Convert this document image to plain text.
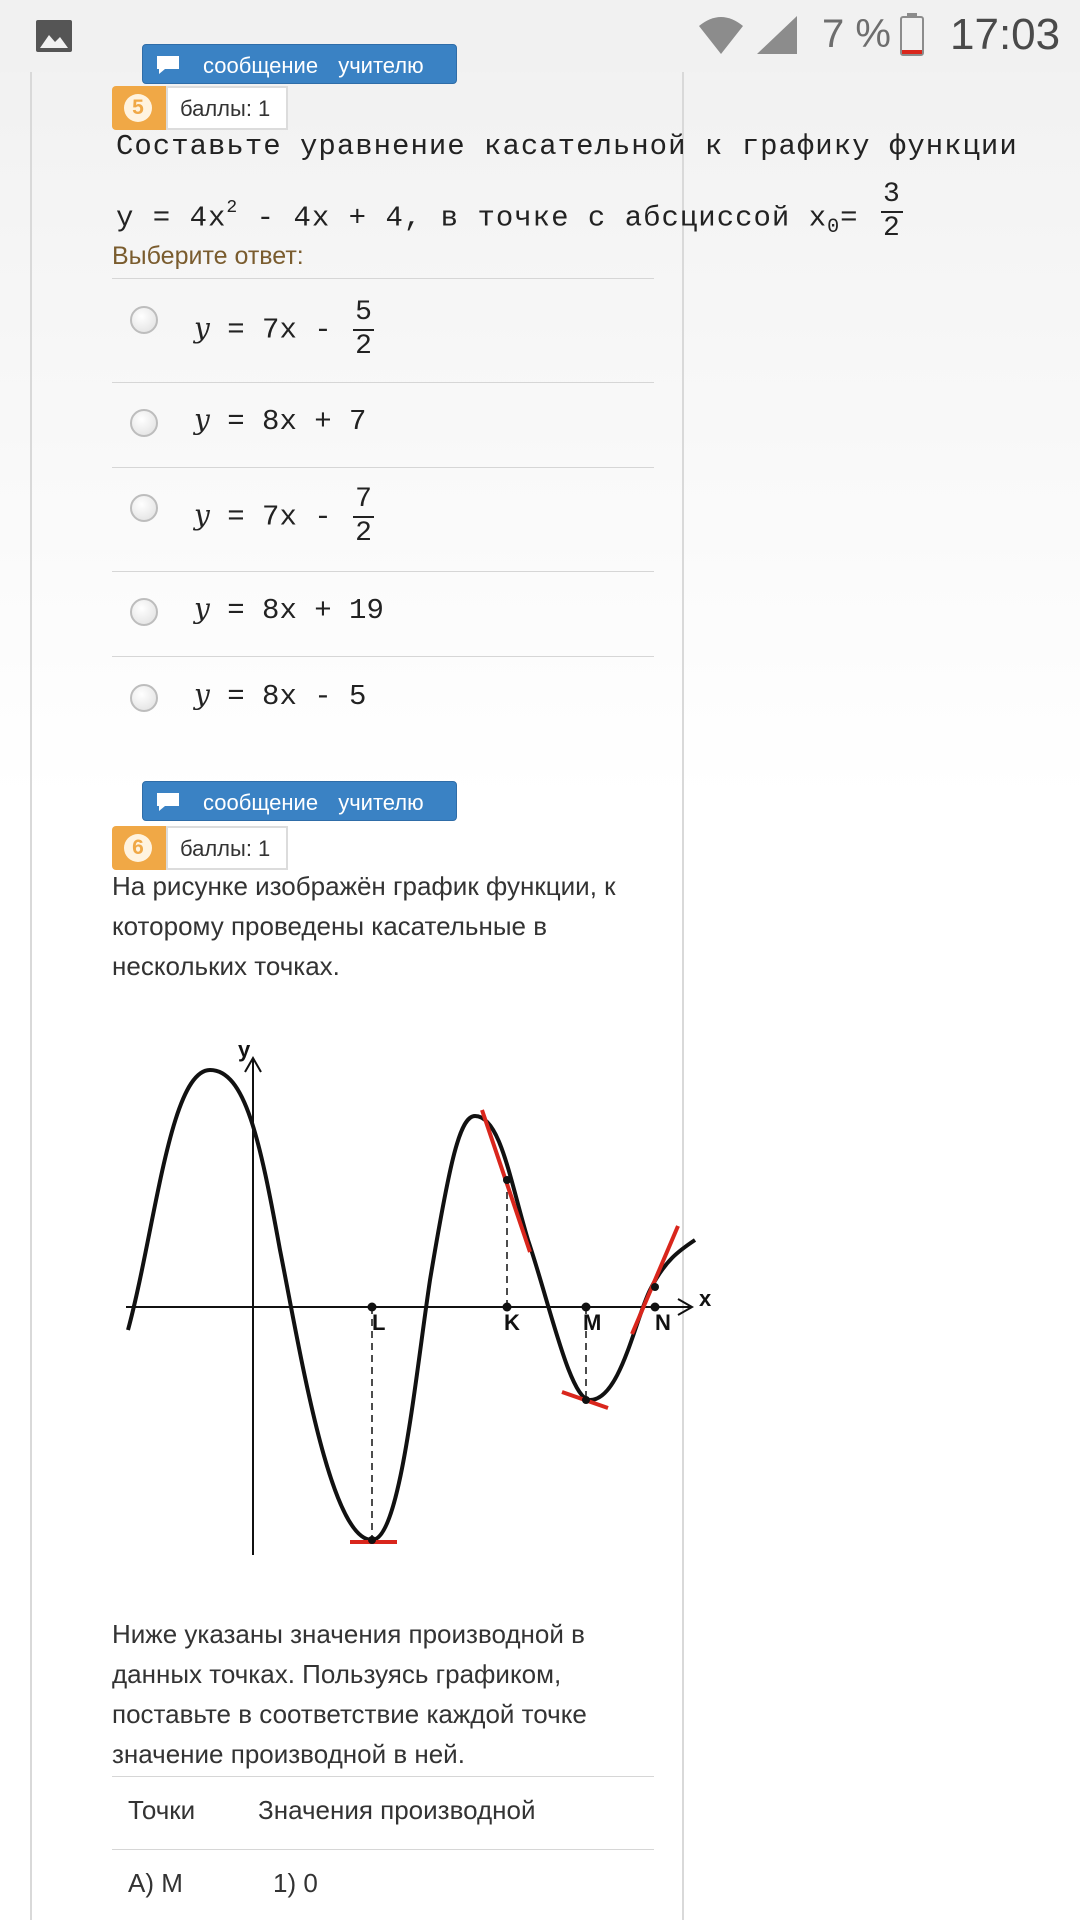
7 % 17:03
сообщение учителю
5	баллы: 1
Составьте уравнение касательной к графику функции
$y = 4x^2 - 4x + 4$, в точке с абсциссой $x_0= \frac{3}{2}$
Выберите ответ:
$y = 7x - \frac{5}{2}$
y = 8x + 7
$y = 7x - \frac{7}{2}$
y = 8x + 19
y = 8x - 5
сообщение учителю
6	баллы: 1
На рисунке изображён график функции, к которому проведены касательные в нескольких точках.
x
y
L	K	M N
Ниже указаны значения производной в данных точках. Пользуясь графиком, поставьте в соответствие каждой точке значение производной в ней.
Точки Значения производной
А) M	1) 0
